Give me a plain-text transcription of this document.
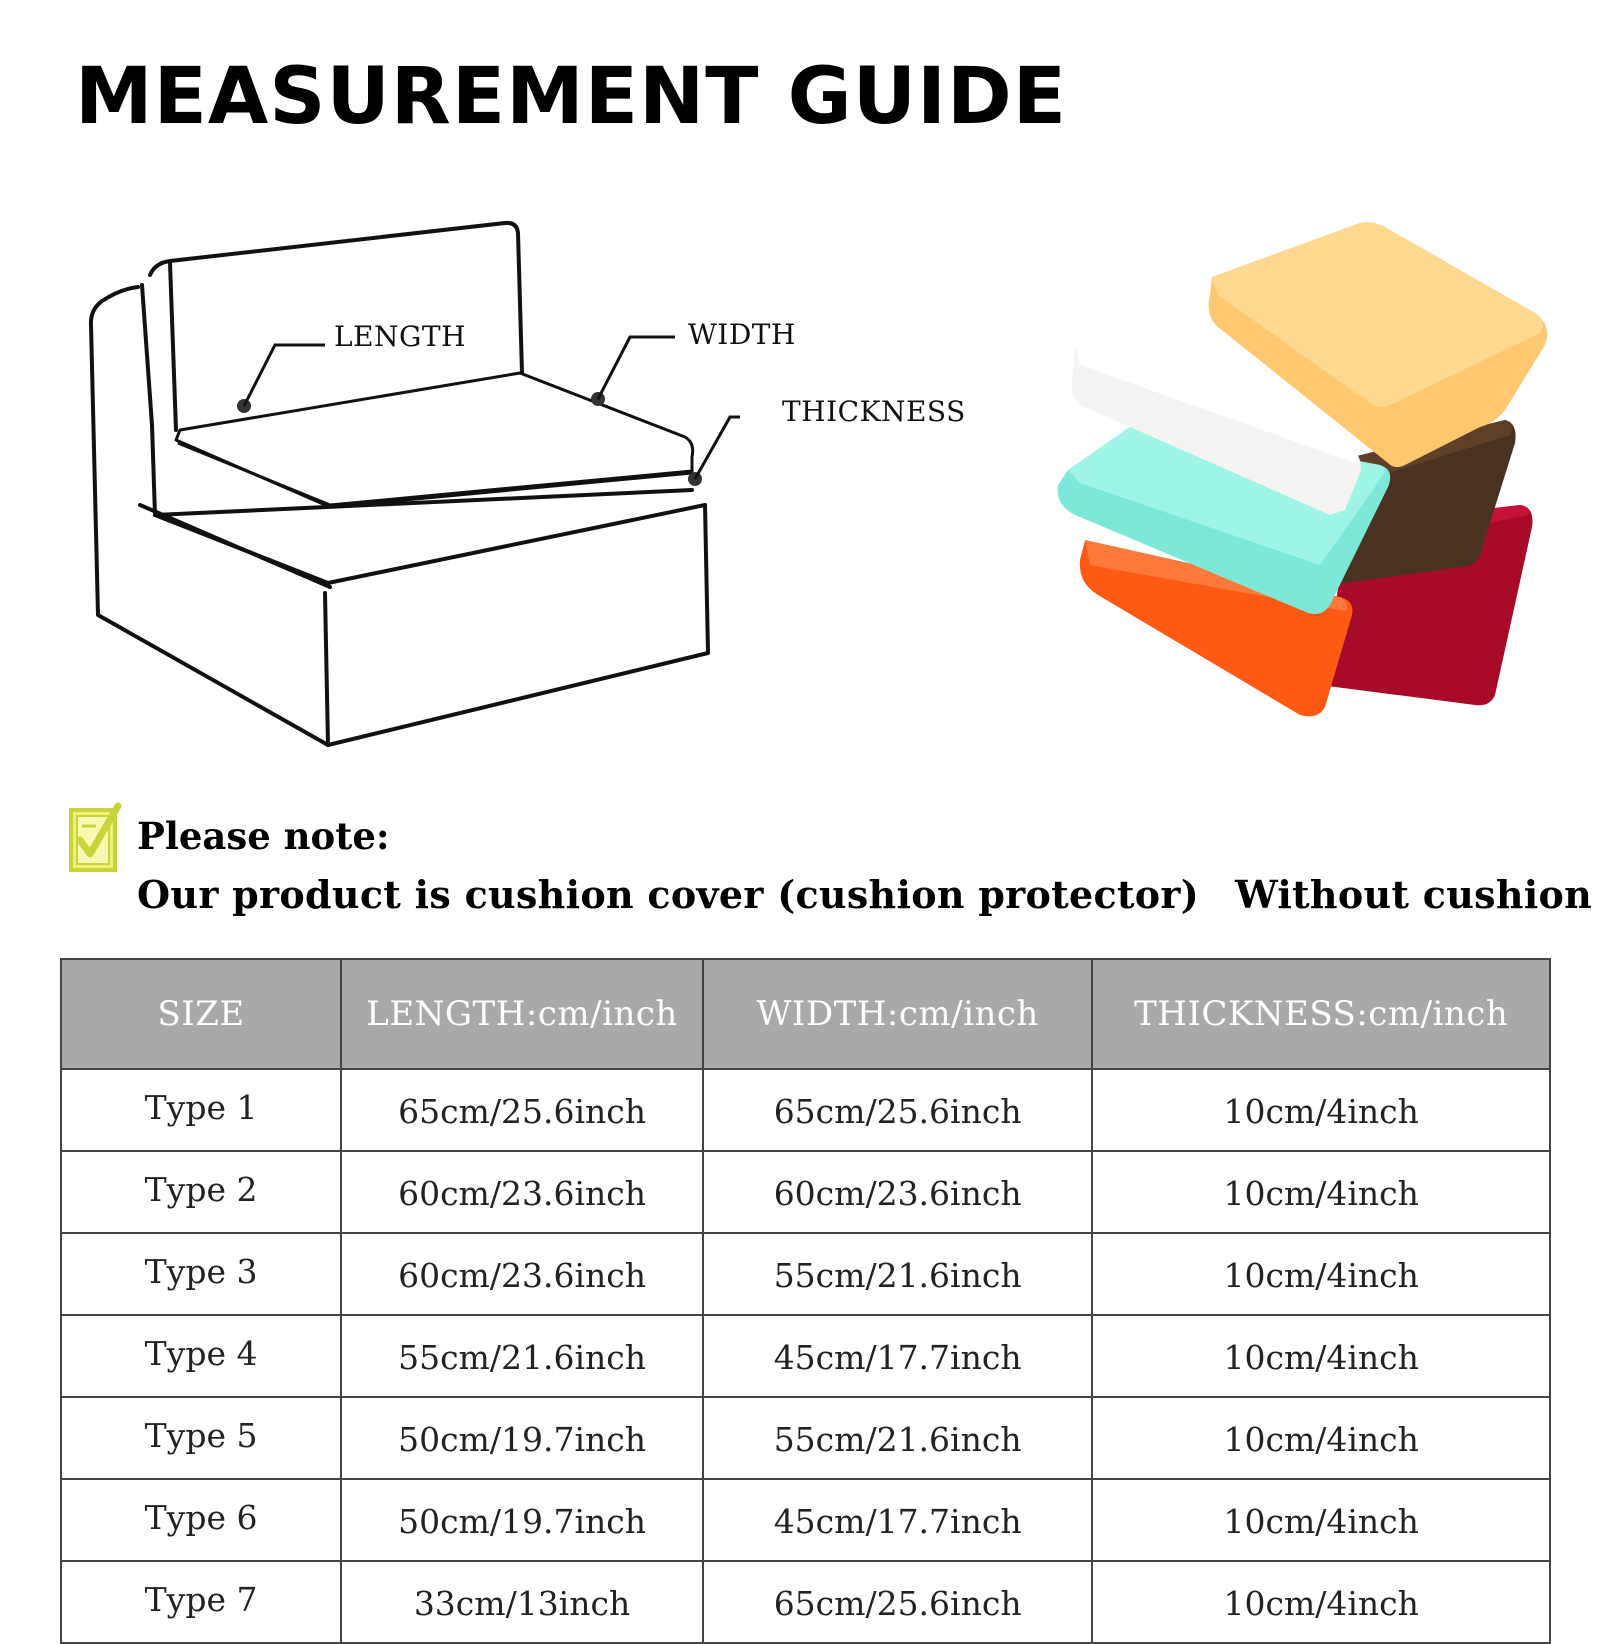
MEASUREMENT GUIDE
LENGTH	WIDTH
THICKNESS
Please note:
Our product is cushion cover (cushion protector) Without cushion
SIZE	LENGTH:cm/inch	WIDTH:cm/inch	THICKNESS:cm/inch
Type 1	65cm/25.6inch	65cm/25.6inch	10cm/4inch
Type 2	60cm/23.6inch	60cm/23.6inch	10cm/4inch
Type 3	60cm/23.6inch	55cm/21.6inch	10cm/4inch
Type 4	55cm/21.6inch	45cm/17.7inch	10cm/4inch
Type 5	50cm/19.7inch	55cm/21.6inch	10cm/4inch
Type 6	50cm/19.7inch	45cm/17.7inch	10cm/4inch
Type 7	33cm/13inch	65cm/25.6inch	10cm/4inch
